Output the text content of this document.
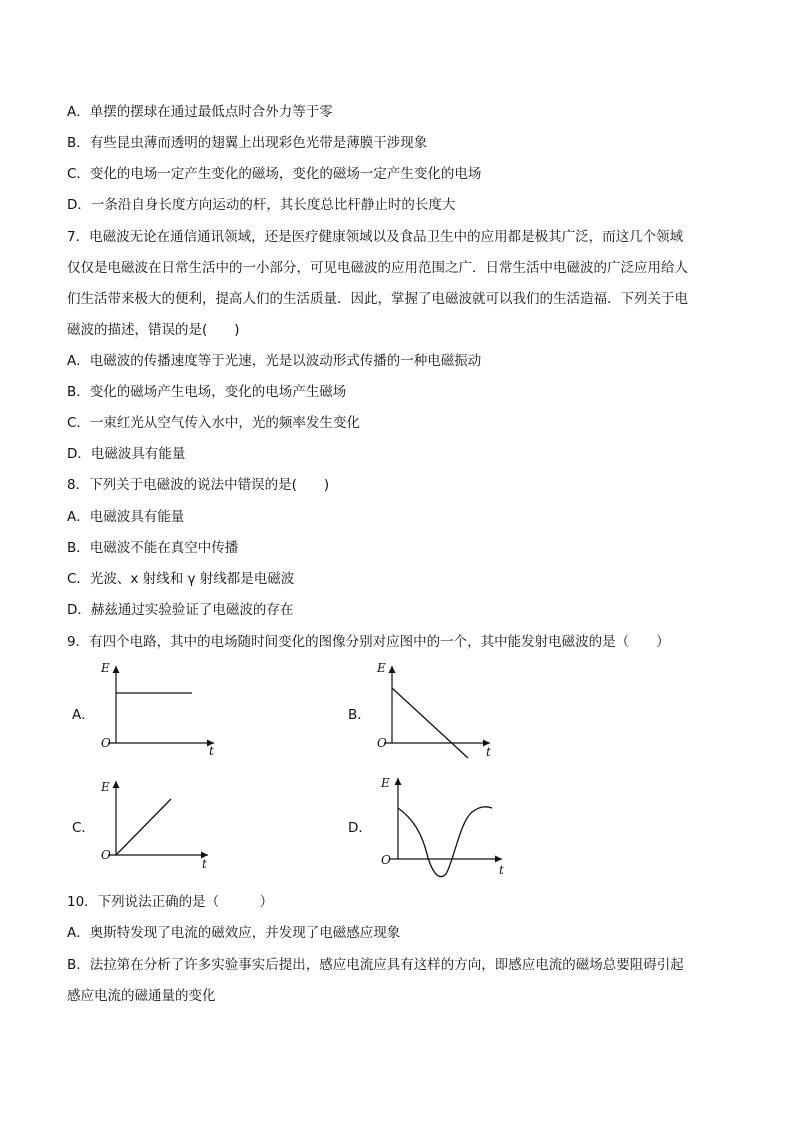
A．单摆的摆球在通过最低点时合外力等于零
B．有些昆虫薄而透明的翅翼上出现彩色光带是薄膜干涉现象
C．变化的电场一定产生变化的磁场，变化的磁场一定产生变化的电场
D．一条沿自身长度方向运动的杆，其长度总比杆静止时的长度大
7．电磁波无论在通信通讯领域，还是医疗健康领域以及食品卫生中的应用都是极其广泛，而这几个领域
仅仅是电磁波在日常生活中的一小部分，可见电磁波的应用范围之广．日常生活中电磁波的广泛应用给人
们生活带来极大的便利，提高人们的生活质量．因此，掌握了电磁波就可以我们的生活造福．下列关于电
磁波的描述，错误的是(　　)
A．电磁波的传播速度等于光速，光是以波动形式传播的一种电磁振动
B．变化的磁场产生电场，变化的电场产生磁场
C．一束红光从空气传入水中，光的频率发生变化
D．电磁波具有能量
8．下列关于电磁波的说法中错误的是(　　)
A．电磁波具有能量
B．电磁波不能在真空中传播
C．光波、x 射线和 γ 射线都是电磁波
D．赫兹通过实验验证了电磁波的存在
9．有四个电路，其中的电场随时间变化的图像分别对应图中的一个，其中能发射电磁波的是（　　）
A．
E
O
t
B．
E
O
t
C．
E
O
t
D．
E
O
t
10．下列说法正确的是（　　　）
A．奥斯特发现了电流的磁效应，并发现了电磁感应现象
B．法拉第在分析了许多实验事实后提出，感应电流应具有这样的方向，即感应电流的磁场总要阻碍引起
感应电流的磁通量的变化
